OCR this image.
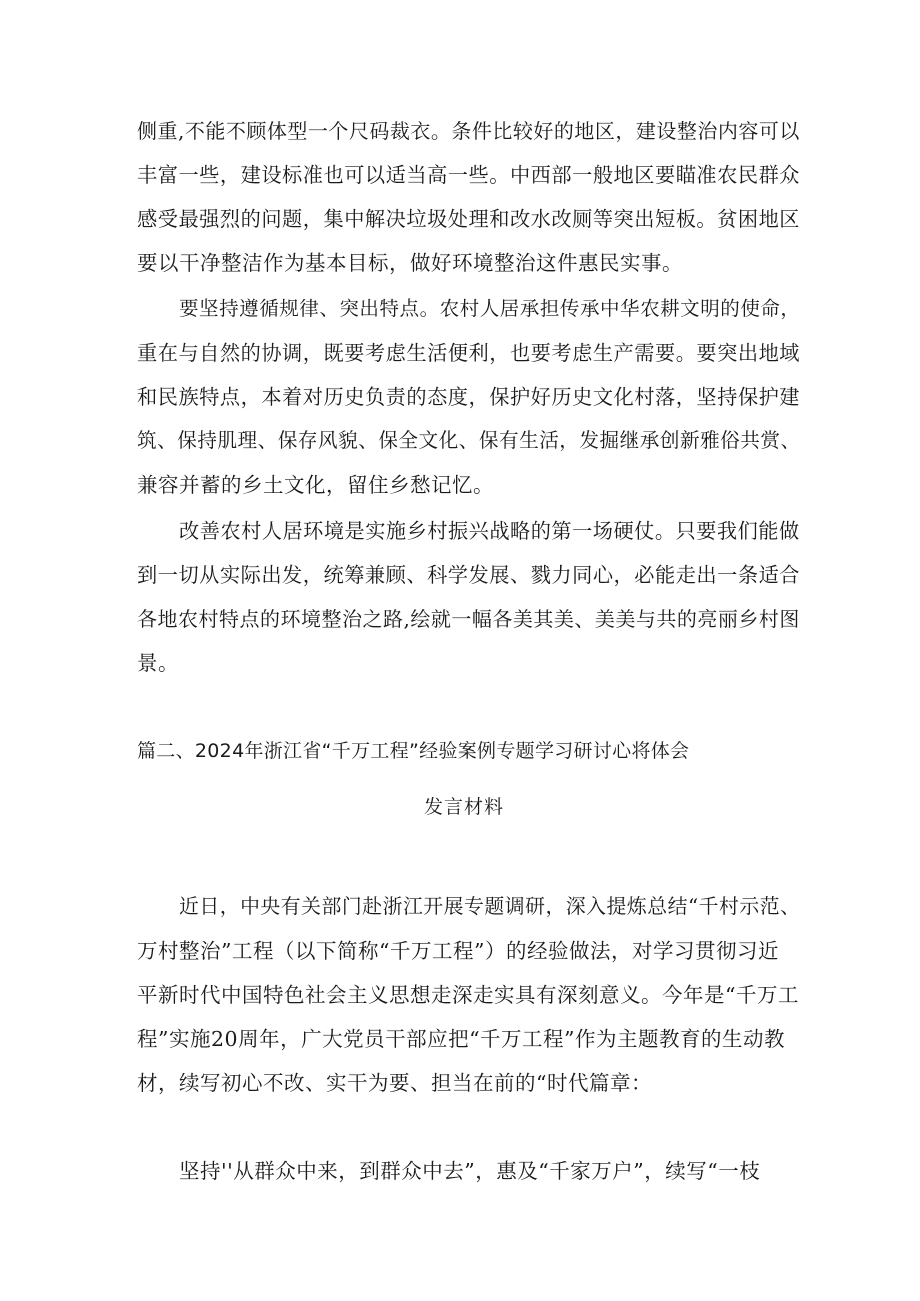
侧重,不能不顾体型一个尺码裁衣。条件比较好的地区，建设整治内容可以
丰富一些，建设标准也可以适当高一些。中西部一般地区要瞄准农民群众
感受最强烈的问题，集中解决垃圾处理和改水改厕等突出短板。贫困地区
要以干净整洁作为基本目标，做好环境整治这件惠民实事。
要坚持遵循规律、突出特点。农村人居承担传承中华农耕文明的使命，
重在与自然的协调，既要考虑生活便利，也要考虑生产需要。要突出地域
和民族特点，本着对历史负责的态度，保护好历史文化村落，坚持保护建
筑、保持肌理、保存风貌、保全文化、保有生活，发掘继承创新雅俗共赏、
兼容并蓄的乡土文化，留住乡愁记忆。
改善农村人居环境是实施乡村振兴战略的第一场硬仗。只要我们能做
到一切从实际出发，统筹兼顾、科学发展、戮力同心，必能走出一条适合
各地农村特点的环境整治之路,绘就一幅各美其美、美美与共的亮丽乡村图
景。
篇二、2024年浙江省“千万工程”经验案例专题学习研讨心将体会
发言材料
近日，中央有关部门赴浙江开展专题调研，深入提炼总结“千村示范、
万村整治”工程（以下简称“千万工程”）的经验做法，对学习贯彻习近
平新时代中国特色社会主义思想走深走实具有深刻意义。今年是“千万工
程”实施20周年，广大党员干部应把“千万工程”作为主题教育的生动教
材，续写初心不改、实干为要、担当在前的“时代篇章：
坚持''从群众中来，到群众中去”，惠及“千家万户”，续写“一枝
